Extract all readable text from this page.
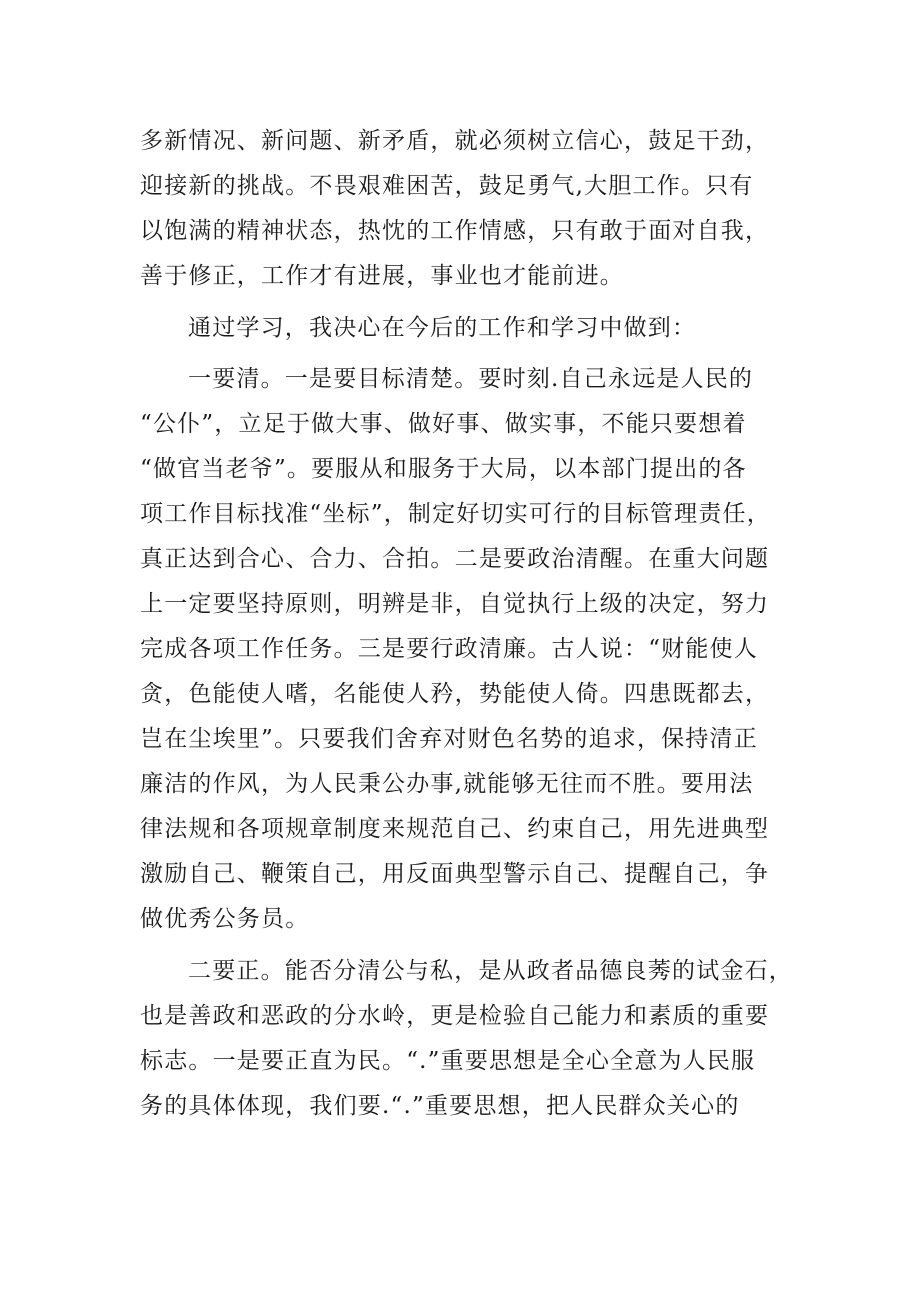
多新情况、新问题、新矛盾，就必须树立信心，鼓足干劲，
迎接新的挑战。不畏艰难困苦，鼓足勇气,大胆工作。只有
以饱满的精神状态，热忱的工作情感，只有敢于面对自我，
善于修正，工作才有进展，事业也才能前进。
通过学习，我决心在今后的工作和学习中做到：
一要清。一是要目标清楚。要时刻.自己永远是人民的
“公仆”，立足于做大事、做好事、做实事，不能只要想着
“做官当老爷”。要服从和服务于大局，以本部门提出的各
项工作目标找准“坐标”，制定好切实可行的目标管理责任，
真正达到合心、合力、合拍。二是要政治清醒。在重大问题
上一定要坚持原则，明辨是非，自觉执行上级的决定，努力
完成各项工作任务。三是要行政清廉。古人说：“财能使人
贪，色能使人嗜，名能使人矜，势能使人倚。四患既都去，
岂在尘埃里”。只要我们舍弃对财色名势的追求，保持清正
廉洁的作风，为人民秉公办事,就能够无往而不胜。要用法
律法规和各项规章制度来规范自己、约束自己，用先进典型
激励自己、鞭策自己，用反面典型警示自己、提醒自己，争
做优秀公务员。
二要正。能否分清公与私，是从政者品德良莠的试金石，
也是善政和恶政的分水岭，更是检验自己能力和素质的重要
标志。一是要正直为民。“.”重要思想是全心全意为人民服
务的具体体现，我们要.“.”重要思想，把人民群众关心的
